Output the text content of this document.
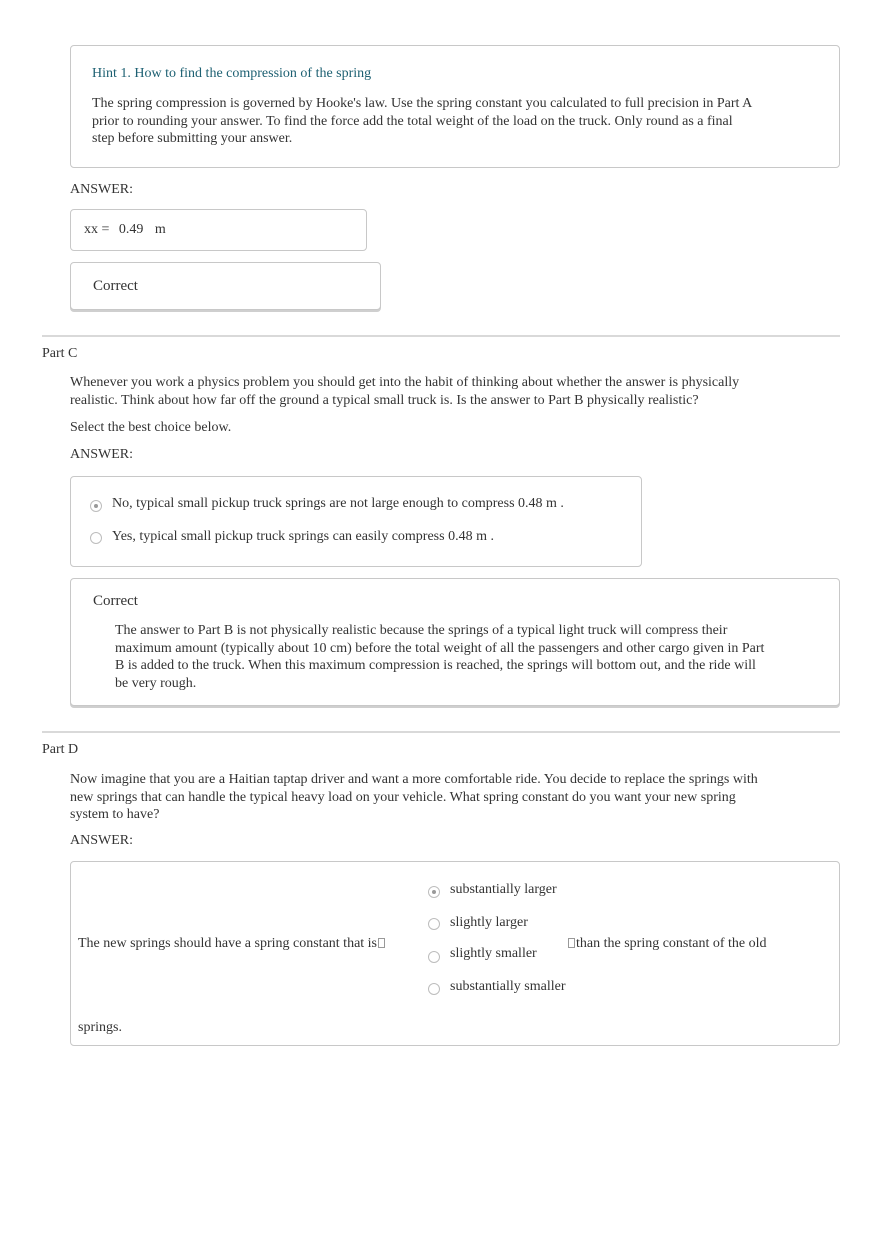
Hint 1. How to find the compression of the spring
The spring compression is governed by Hooke's law. Use the spring constant you calculated to full precision in Part A prior to rounding your answer. To find the force add the total weight of the load on the truck. Only round as a final step before submitting your answer.
ANSWER:
xx = 0.49 m
Correct
Part C
Whenever you work a physics problem you should get into the habit of thinking about whether the answer is physically realistic. Think about how far off the ground a typical small truck is. Is the answer to Part B physically realistic?
Select the best choice below.
ANSWER:
No, typical small pickup truck springs are not large enough to compress 0.48 m .
Yes, typical small pickup truck springs can easily compress 0.48 m .
Correct
The answer to Part B is not physically realistic because the springs of a typical light truck will compress their maximum amount (typically about 10 cm) before the total weight of all the passengers and other cargo given in Part B is added to the truck. When this maximum compression is reached, the springs will bottom out, and the ride will be very rough.
Part D
Now imagine that you are a Haitian taptap driver and want a more comfortable ride. You decide to replace the springs with new springs that can handle the typical heavy load on your vehicle. What spring constant do you want your new spring system to have?
ANSWER:
The new springs should have a spring constant that is
substantially larger
slightly larger
slightly smaller
substantially smaller
than the spring constant of the old
springs.
